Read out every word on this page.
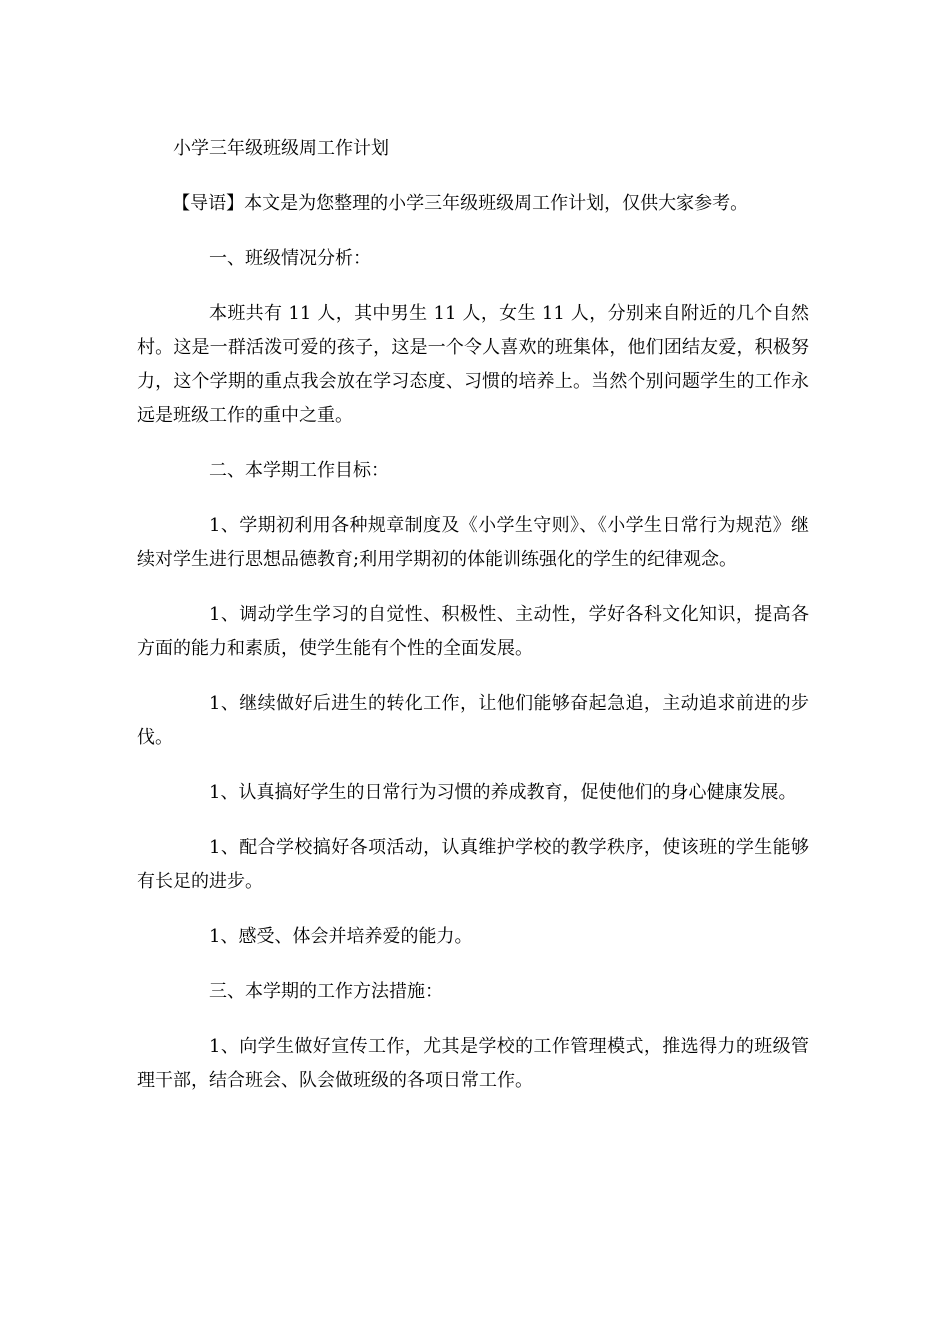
小学三年级班级周工作计划

【导语】本文是为您整理的小学三年级班级周工作计划，仅供大家参考。

一、班级情况分析：

本班共有 11 人，其中男生 11 人，女生 11 人，分别来自附近的几个自然村。这是一群活泼可爱的孩子，这是一个令人喜欢的班集体，他们团结友爱，积极努力，这个学期的重点我会放在学习态度、习惯的培养上。当然个别问题学生的工作永远是班级工作的重中之重。

二、本学期工作目标：

1、学期初利用各种规章制度及《小学生守则》、《小学生日常行为规范》继续对学生进行思想品德教育;利用学期初的体能训练强化的学生的纪律观念。

1、调动学生学习的自觉性、积极性、主动性，学好各科文化知识，提高各方面的能力和素质，使学生能有个性的全面发展。

1、继续做好后进生的转化工作，让他们能够奋起急追，主动追求前进的步伐。

1、认真搞好学生的日常行为习惯的养成教育，促使他们的身心健康发展。

1、配合学校搞好各项活动，认真维护学校的教学秩序，使该班的学生能够有长足的进步。

1、感受、体会并培养爱的能力。

三、本学期的工作方法措施：

1、向学生做好宣传工作，尤其是学校的工作管理模式，推选得力的班级管理干部，结合班会、队会做班级的各项日常工作。
